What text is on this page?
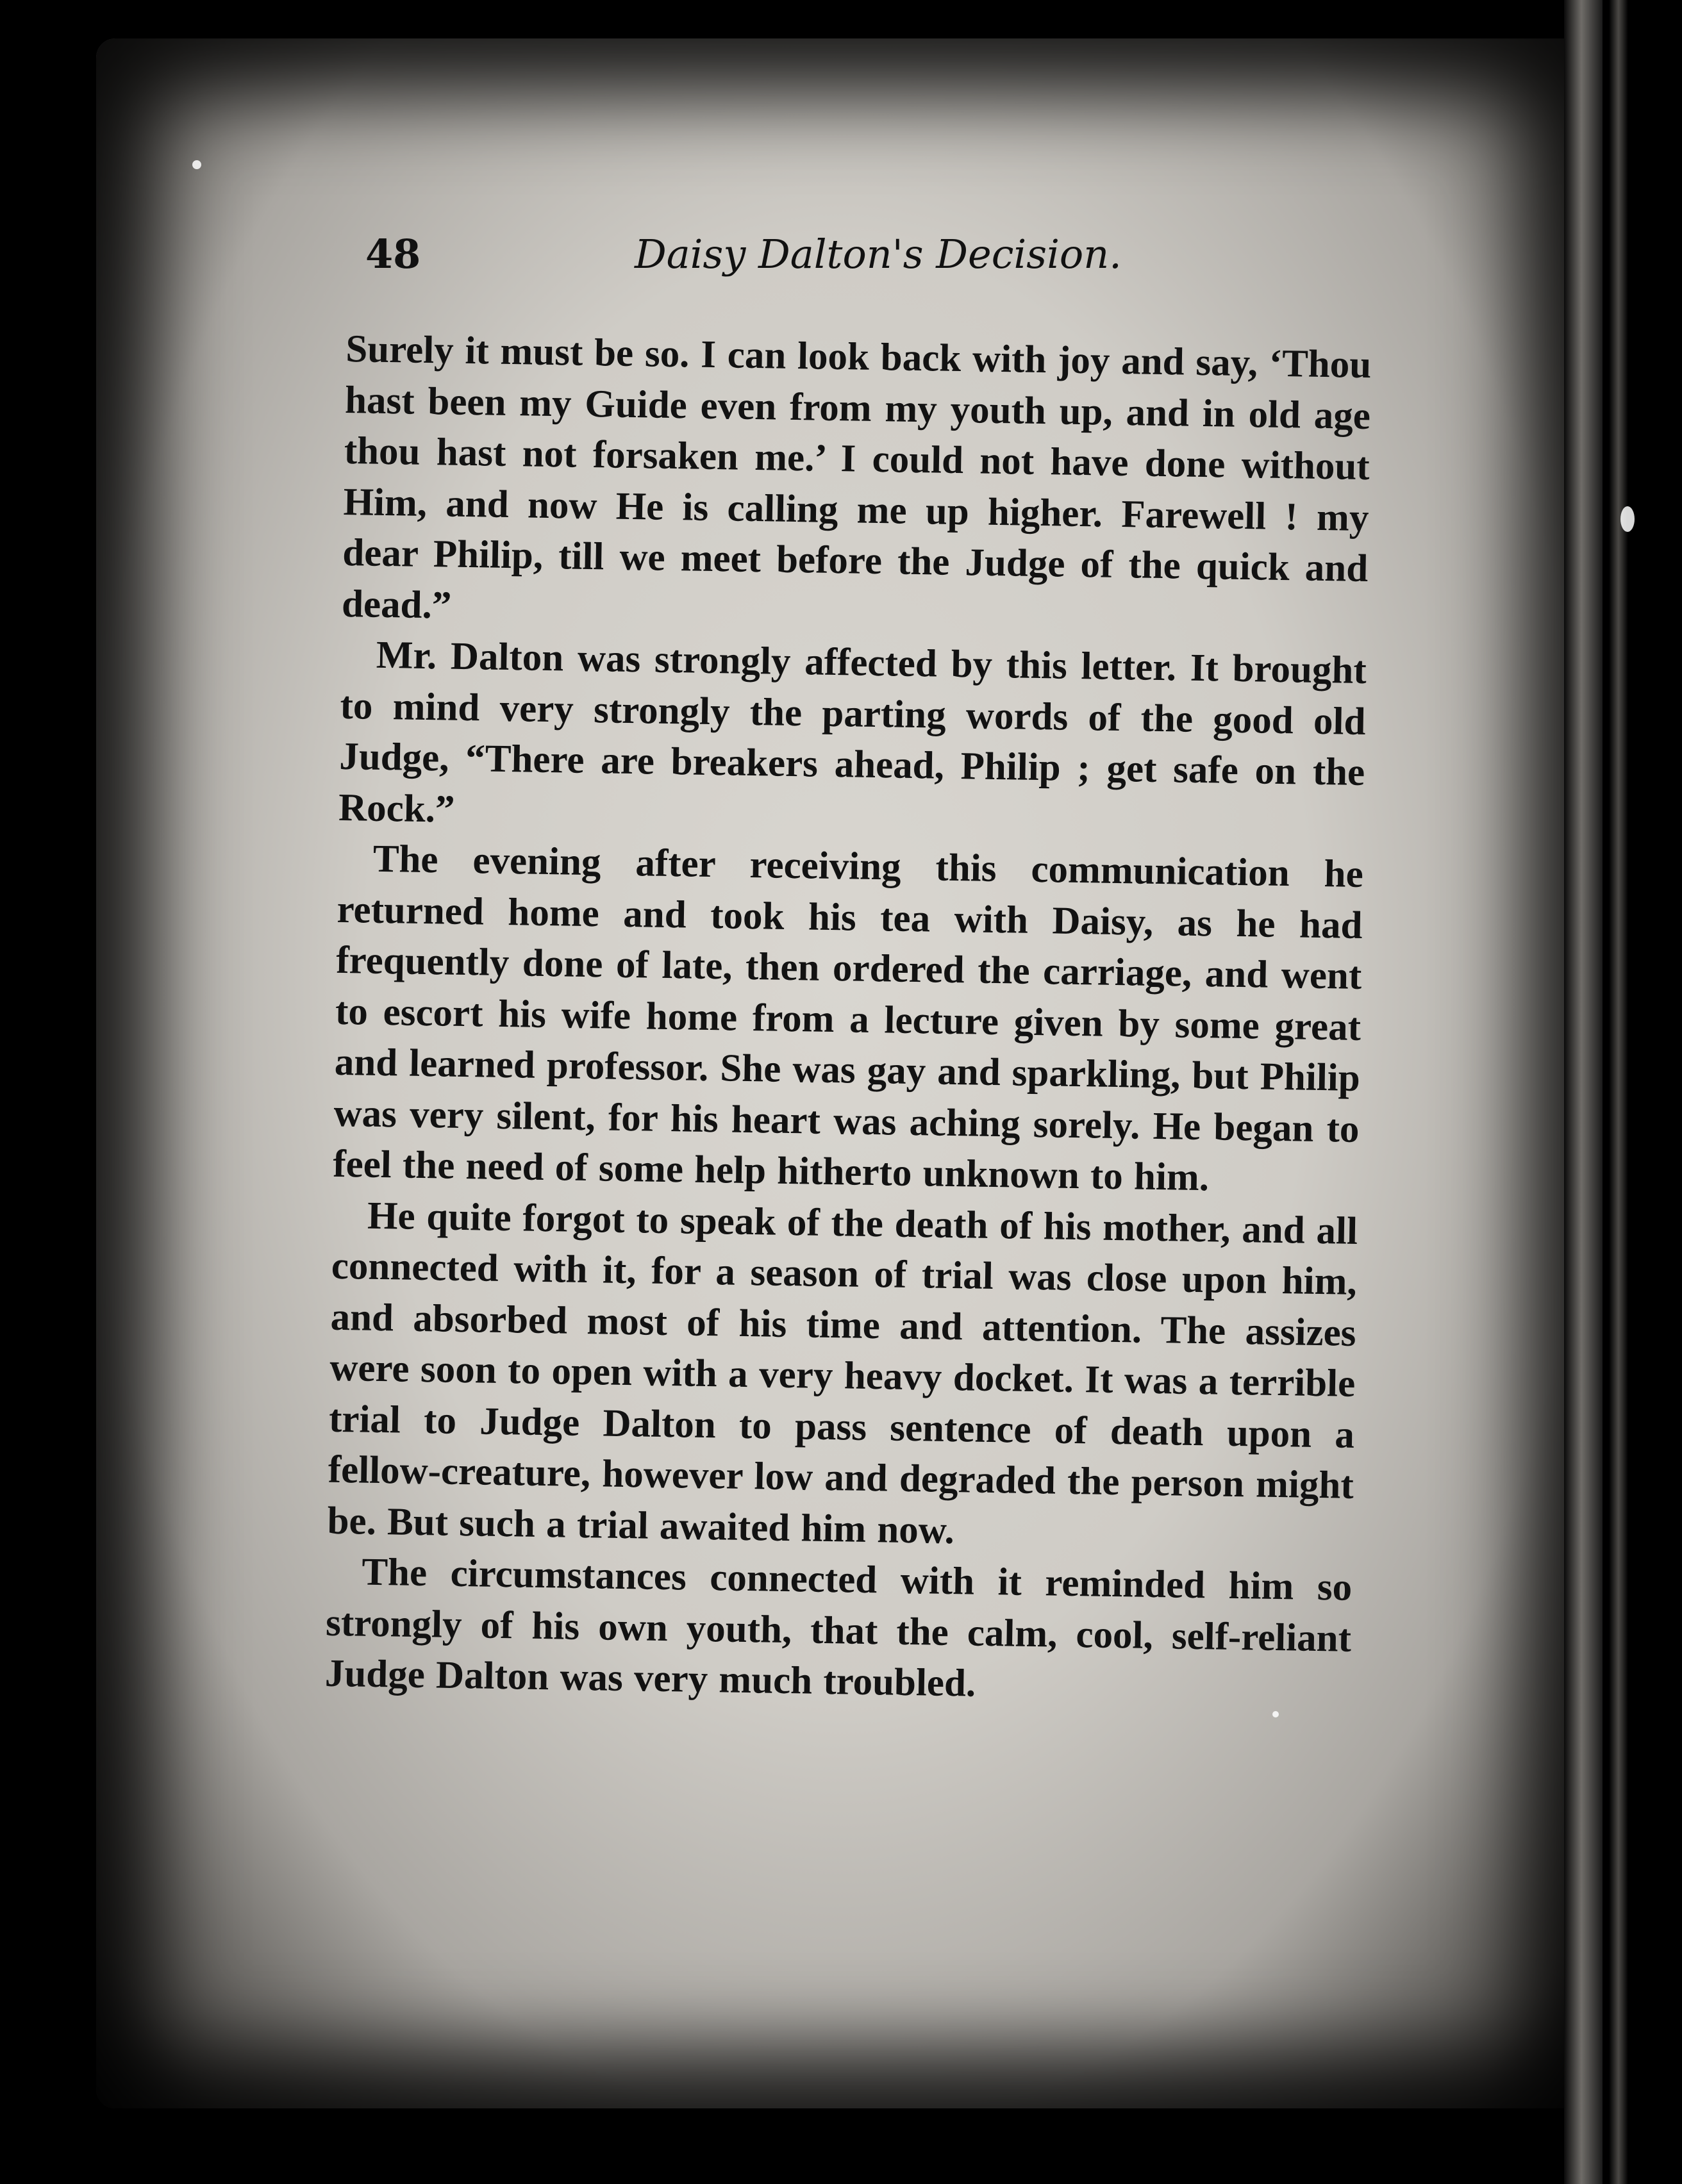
48	Daisy Dalton's Decision.

Surely it must be so. I can look back with joy and say, ‘Thou hast been my Guide even from my youth up, and in old age thou hast not forsaken me.’ I could not have done without Him, and now He is calling me up higher. Farewell ! my dear Philip, till we meet before the Judge of the quick and dead.”

Mr. Dalton was strongly affected by this letter. It brought to mind very strongly the parting words of the good old Judge, “There are breakers ahead, Philip ; get safe on the Rock.”

The evening after receiving this communication he returned home and took his tea with Daisy, as he had frequently done of late, then ordered the carriage, and went to escort his wife home from a lecture given by some great and learned professor. She was gay and sparkling, but Philip was very silent, for his heart was aching sorely. He began to feel the need of some help hitherto unknown to him.

He quite forgot to speak of the death of his mother, and all connected with it, for a season of trial was close upon him, and absorbed most of his time and attention. The assizes were soon to open with a very heavy docket. It was a terrible trial to Judge Dalton to pass sentence of death upon a fellow-creature, however low and degraded the person might be. But such a trial awaited him now.

The circumstances connected with it reminded him so strongly of his own youth, that the calm, cool, self-reliant Judge Dalton was very much troubled.
